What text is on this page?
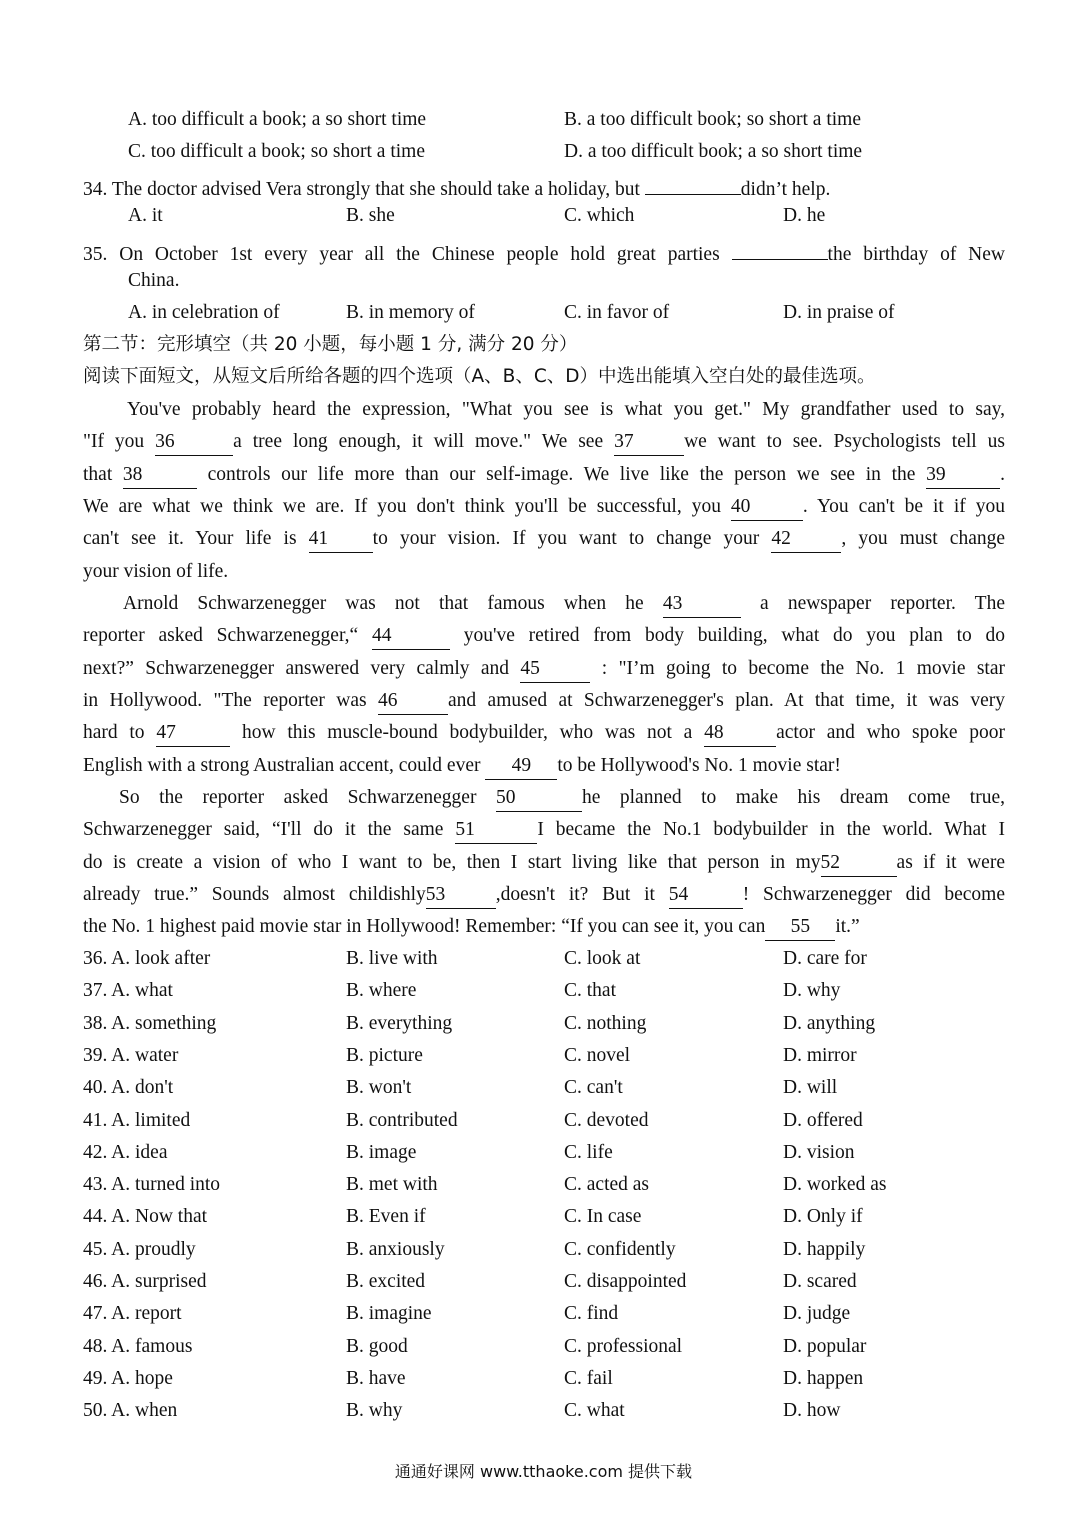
A. too difficult a book; a so short time	B. a too difficult book; so short a time
C. too difficult a book; so short a time	D. a too difficult book; a so short time
34. The doctor advised Vera strongly that she should take a holiday, but	didn’t help.
A. it	B. she	C. which	D. he
35. On October 1st every year all the Chinese people hold great parties	the birthday of New
China.
A. in celebration of	B. in memory of	C. in favor of	D. in praise of
第二节：完形填空（共 20 小题，每小题 1 分, 满分 20 分）
阅读下面短文，从短文后所给各题的四个选项（A、B、C、D）中选出能填入空白处的最佳选项。
You've probably heard the expression, "What you see is what you get." My grandfather used to say,
"If you 36	a tree long enough, it will move." We see 37	we want to see. Psychologists tell us
that 38	controls our life more than our self-image. We live like the person we see in the 39	.
We are what we think we are. If you don't think you'll be successful, you 40	. You can't be it if you
can't see it. Your life is 41 to your vision. If you want to change your 42	, you must change
your vision of life.
Arnold Schwarzenegger was not that famous when he 43	a newspaper reporter. The
reporter asked Schwarzenegger,“ 44	you've retired from body building, what do you plan to do
next?” Schwarzenegger answered very calmly and 45	: "I’m going to become the No. 1 movie star
in Hollywood. "The reporter was 46	and amused at Schwarzenegger's plan. At that time, it was very
hard to 47	how this muscle-bound bodybuilder, who was not a 48	actor and who spoke poor
English with a strong Australian accent, could ever 49 to be Hollywood's No. 1 movie star!
So the reporter asked Schwarzenegger 50	he planned to make his dream come true,
Schwarzenegger said, “I'll do it the same 51	I became the No.1 bodybuilder in the world. What I
do is create a vision of who I want to be, then I start living like that person in my52	as if it were
already true.” Sounds almost childishly53	,doesn't it? But it 54	! Schwarzenegger did become
the No. 1 highest paid movie star in Hollywood! Remember: “If you can see it, you can 55 it.”
36. A. look after	B. live with	C. look at	D. care for
37. A. what	B. where	C. that	D. why
38. A. something	B. everything	C. nothing	D. anything
39. A. water	B. picture	C. novel	D. mirror
40. A. don't	B. won't	C. can't	D. will
41. A. limited	B. contributed	C. devoted	D. offered
42. A. idea	B. image	C. life	D. vision
43. A. turned into	B. met with	C. acted as	D. worked as
44. A. Now that	B. Even if	C. In case	D. Only if
45. A. proudly	B. anxiously	C. confidently	D. happily
46. A. surprised	B. excited	C. disappointed	D. scared
47. A. report	B. imagine	C. find	D. judge
48. A. famous	B. good	C. professional	D. popular
49. A. hope	B. have	C. fail	D. happen
50. A. when	B. why	C. what	D. how
通通好课网 www.tthaoke.com 提供下载
